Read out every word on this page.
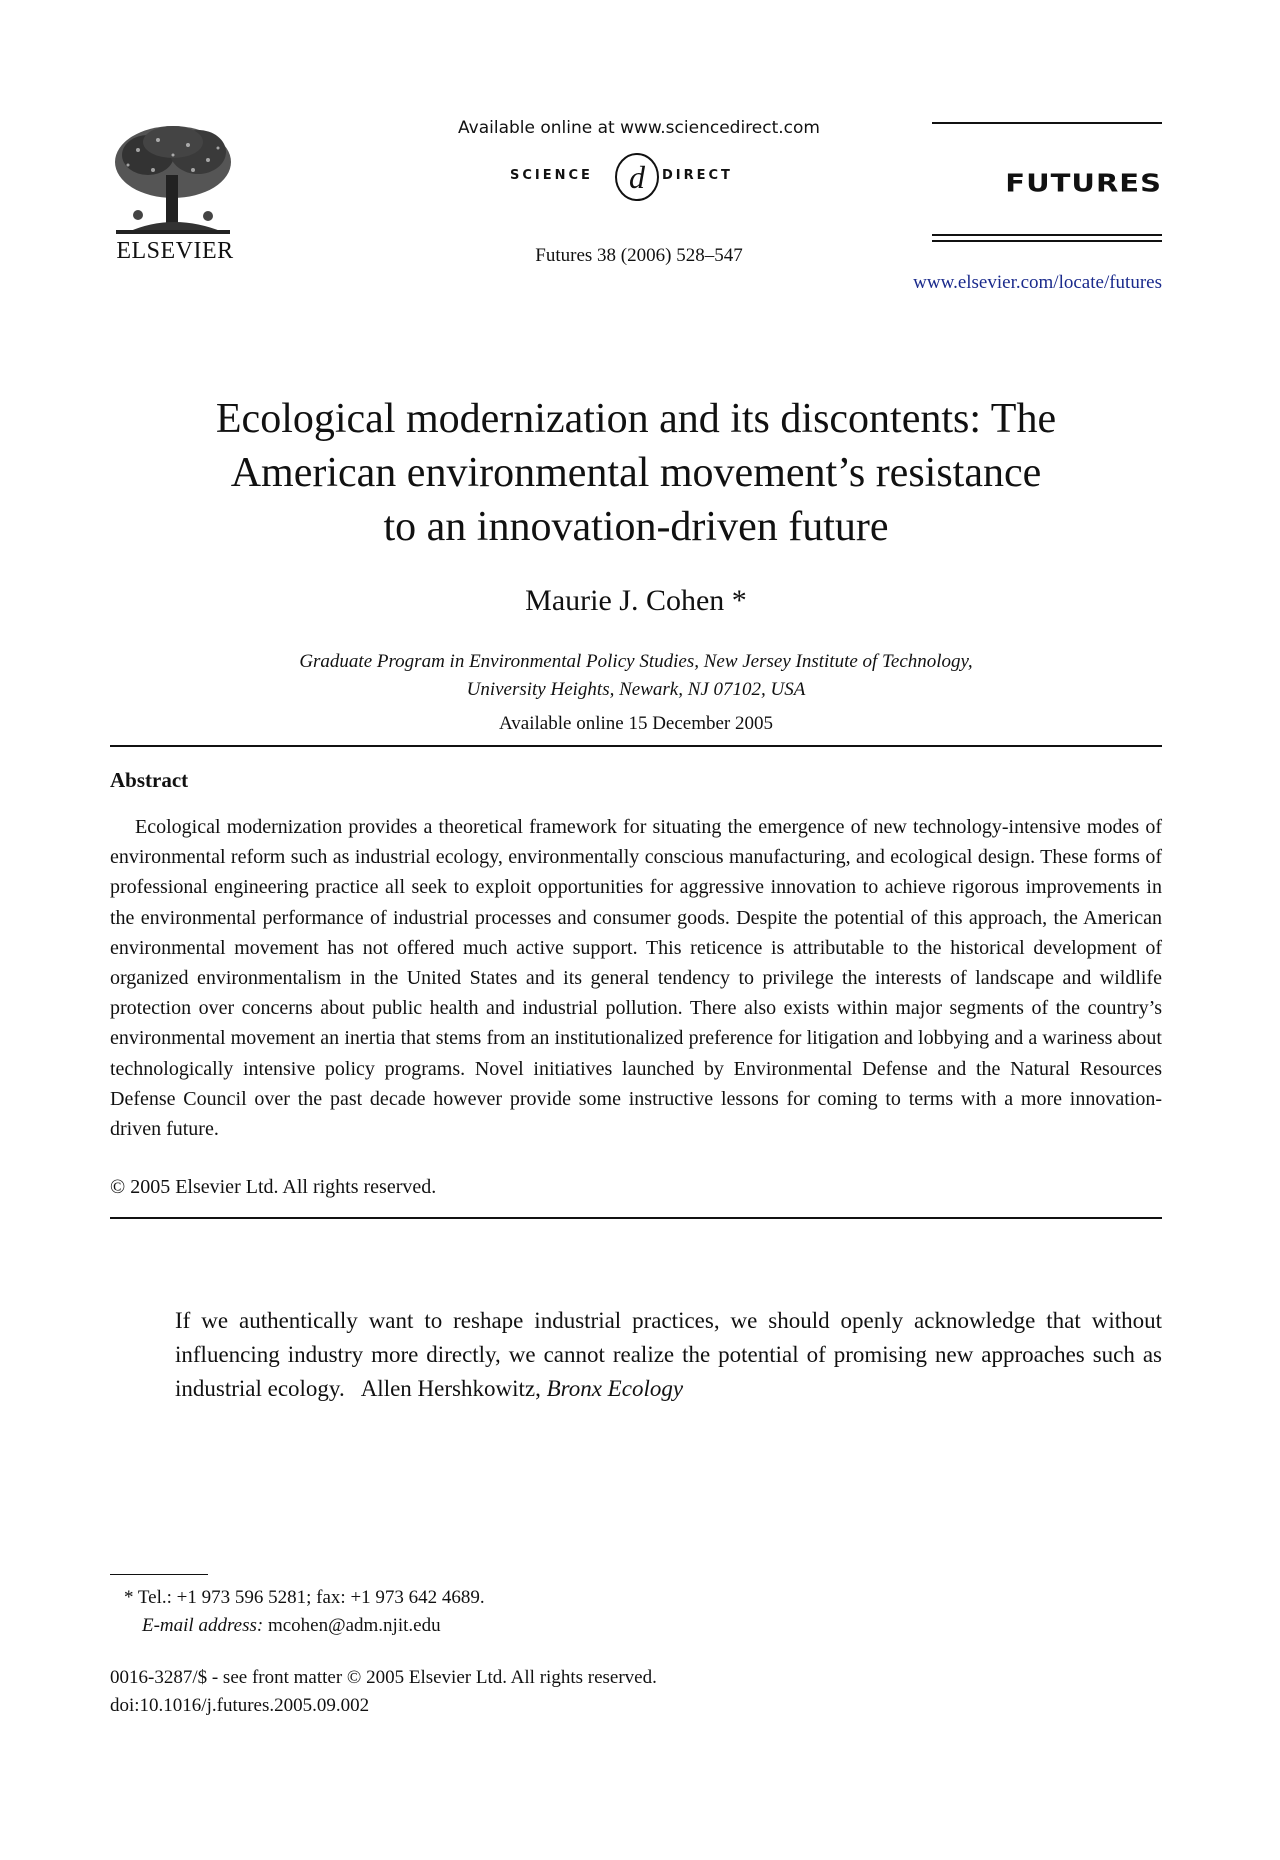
ELSEVIER
Available online at www.sciencedirect.com
SCIENCE d DIRECT
Futures 38 (2006) 528–547
FUTURES
www.elsevier.com/locate/futures
Ecological modernization and its discontents: The
American environmental movement’s resistance
to an innovation-driven future
Maurie J. Cohen *
Graduate Program in Environmental Policy Studies, New Jersey Institute of Technology,
University Heights, Newark, NJ 07102, USA
Available online 15 December 2005
Abstract
Ecological modernization provides a theoretical framework for situating the emergence of new technology-intensive modes of environmental reform such as industrial ecology, environmentally conscious manufacturing, and ecological design. These forms of professional engineering practice all seek to exploit opportunities for aggressive innovation to achieve rigorous improvements in the environmental performance of industrial processes and consumer goods. Despite the potential of this approach, the American environmental movement has not offered much active support. This reticence is attributable to the historical development of organized environmentalism in the United States and its general tendency to privilege the interests of landscape and wildlife protection over concerns about public health and industrial pollution. There also exists within major segments of the country’s environmental movement an inertia that stems from an institutionalized preference for litigation and lobbying and a wariness about technologically intensive policy programs. Novel initiatives launched by Environmental Defense and the Natural Resources Defense Council over the past decade however provide some instructive lessons for coming to terms with a more innovation-driven future.
© 2005 Elsevier Ltd. All rights reserved.
If we authentically want to reshape industrial practices, we should openly acknowledge that without influencing industry more directly, we cannot realize the potential of promising new approaches such as industrial ecology. Allen Hershkowitz, Bronx Ecology
* Tel.: +1 973 596 5281; fax: +1 973 642 4689.
E-mail address: mcohen@adm.njit.edu
0016-3287/$ - see front matter © 2005 Elsevier Ltd. All rights reserved.
doi:10.1016/j.futures.2005.09.002
